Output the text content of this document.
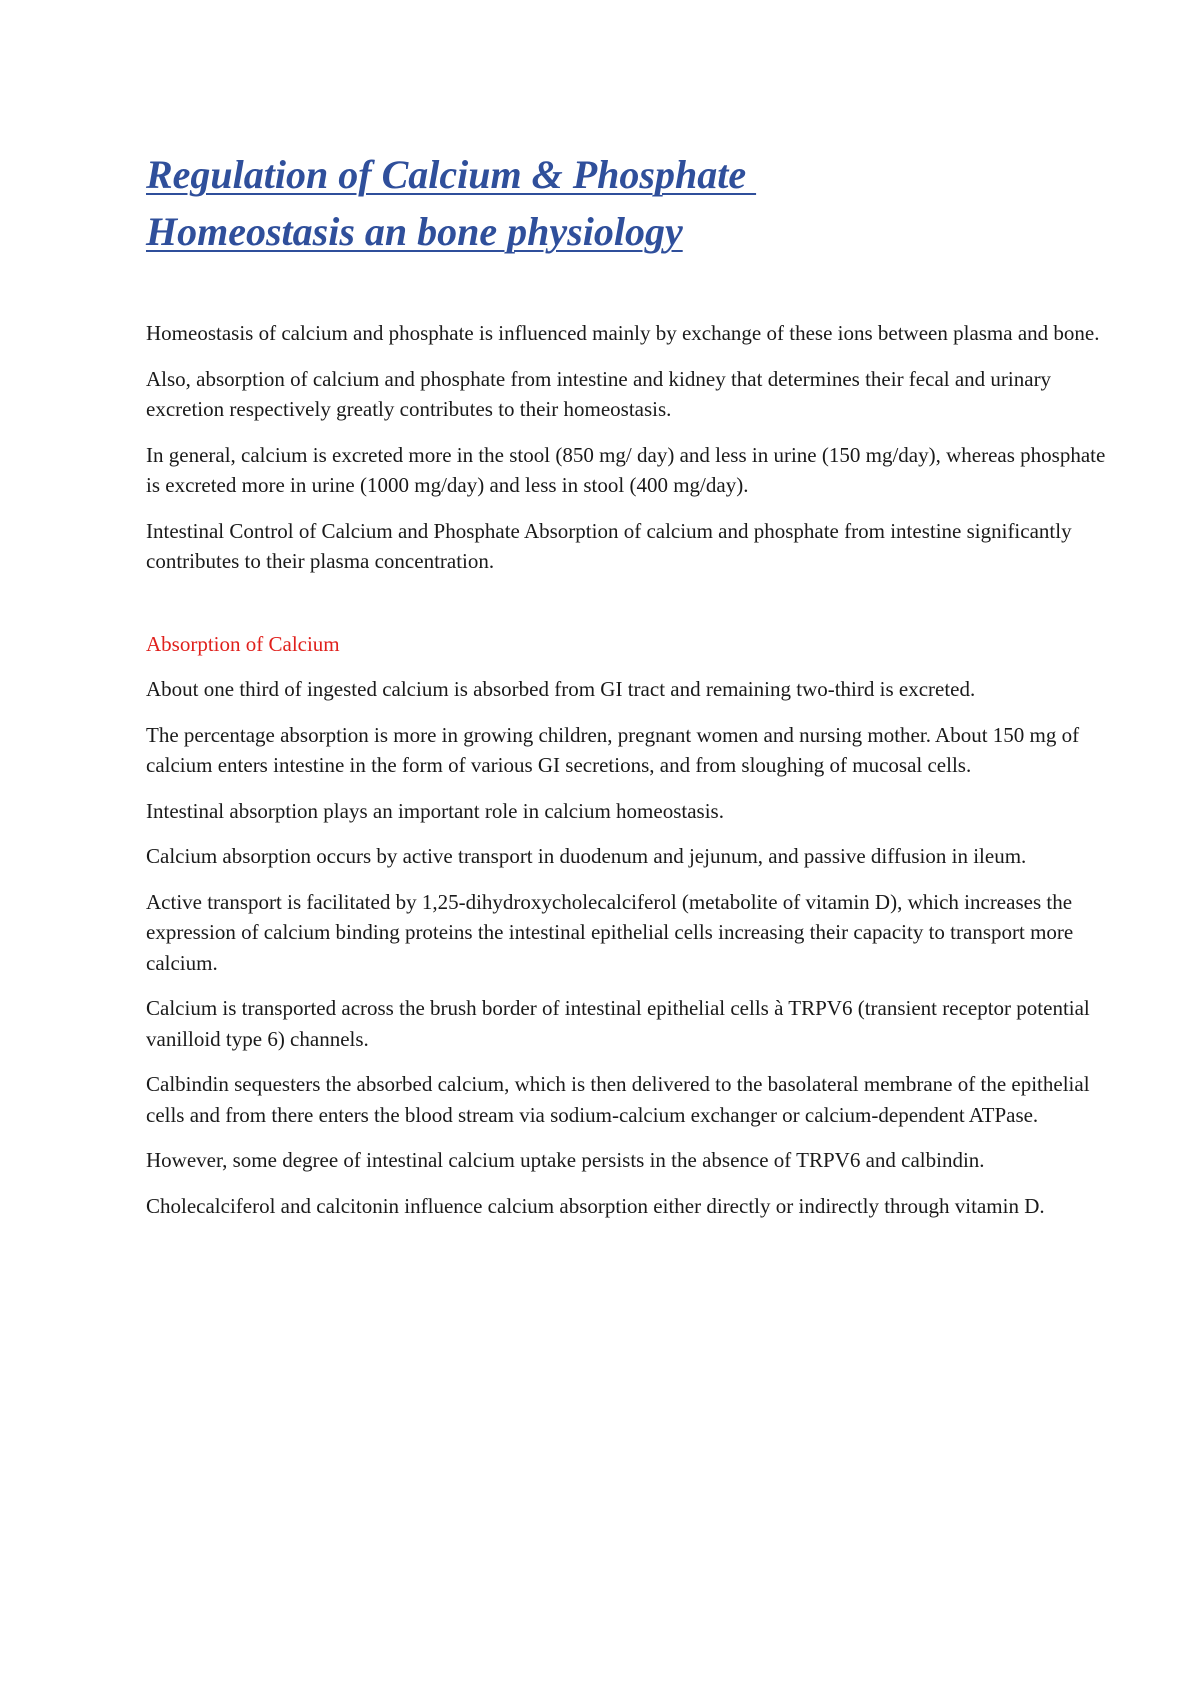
Regulation of Calcium & Phosphate
Homeostasis an bone physiology

Homeostasis of calcium and phosphate is influenced mainly by exchange of these ions between plasma and bone.

Also, absorption of calcium and phosphate from intestine and kidney that determines their fecal and urinary excretion respectively greatly contributes to their homeostasis.

In general, calcium is excreted more in the stool (850 mg/ day) and less in urine (150 mg/day), whereas phosphate is excreted more in urine (1000 mg/day) and less in stool (400 mg/day).

Intestinal Control of Calcium and Phosphate Absorption of calcium and phosphate from intestine significantly contributes to their plasma concentration.

Absorption of Calcium

About one third of ingested calcium is absorbed from GI tract and remaining two-third is excreted.

The percentage absorption is more in growing children, pregnant women and nursing mother. About 150 mg of calcium enters intestine in the form of various GI secretions, and from sloughing of mucosal cells.

Intestinal absorption plays an important role in calcium homeostasis.

Calcium absorption occurs by active transport in duodenum and jejunum, and passive diffusion in ileum.

Active transport is facilitated by 1,25-dihydroxycholecalciferol (metabolite of vitamin D), which increases the expression of calcium binding proteins the intestinal epithelial cells increasing their capacity to transport more calcium.

Calcium is transported across the brush border of intestinal epithelial cells à TRPV6 (transient receptor potential vanilloid type 6) channels.

Calbindin sequesters the absorbed calcium, which is then delivered to the basolateral membrane of the epithelial cells and from there enters the blood stream via sodium-calcium exchanger or calcium-dependent ATPase.

However, some degree of intestinal calcium uptake persists in the absence of TRPV6 and calbindin.

Cholecalciferol and calcitonin influence calcium absorption either directly or indirectly through vitamin D.
